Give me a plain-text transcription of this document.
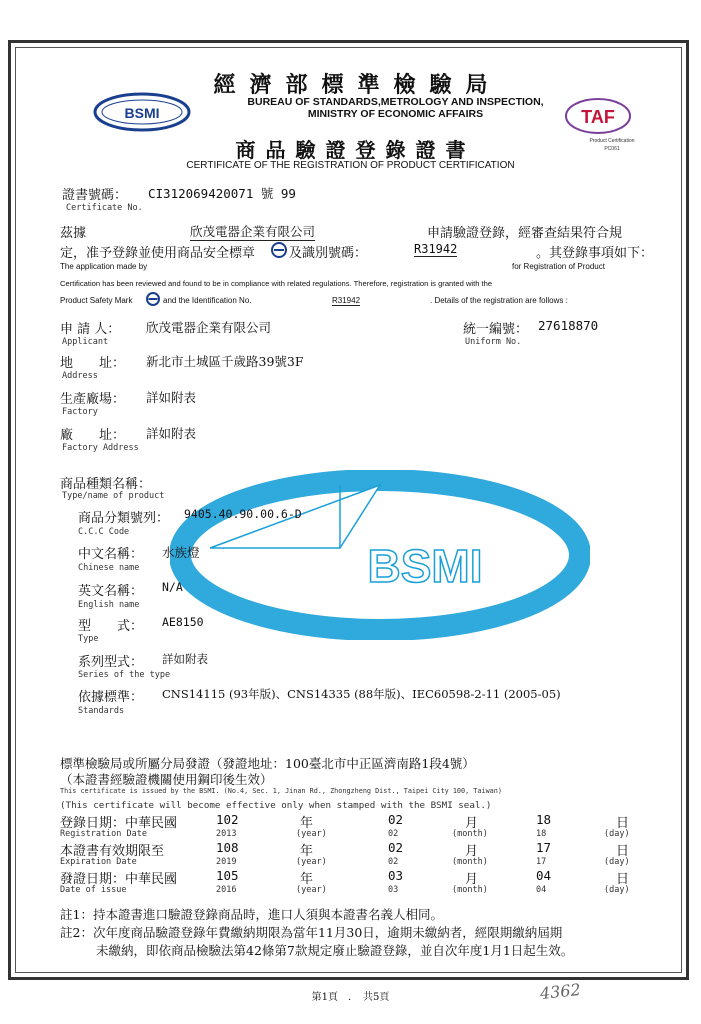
BSMI	TAF
Product Certification
PC061
經濟部標準檢驗局
BUREAU OF STANDARDS,METROLOGY AND INSPECTION,
MINISTRY OF ECONOMIC AFFAIRS
商品驗證登錄證書
CERTIFICATE OF THE REGISTRATION OF PRODUCT CERTIFICATION
證書號碼： CI312069420071 號 99
Certificate No.
茲據	欣茂電器企業有限公司	申請驗證登錄，經審查結果符合規
定，准予登錄並使用商品安全標章	及識別號碼：	R31942	。其登錄事項如下：
The application made by	for Registration of Product
Certification has been reviewed and found to be in compliance with related regulations. Therefore, registration is granted with the
Product Safety Mark	and the Identification No.	R31942	. Details of the registration are follows :
申 請 人： 欣茂電器企業有限公司
Applicant
統一編號： 27618870
Uniform No.
地　　址： 新北市土城區千歲路39號3F
Address
生產廠場： 詳如附表
Factory
廠　　址： 詳如附表
Factory Address
BSMI
商品種類名稱：
Type/name of product
商品分類號列： 9405.40.90.00.6-D
C.C.C Code
中文名稱： 水族燈
Chinese name
英文名稱： N/A
English name
型　　式： AE8150
Type
系列型式： 詳如附表
Series of the type
依據標準： CNS14115 (93年版)、CNS14335 (88年版)、IEC60598-2-11 (2005-05)
Standards
標準檢驗局或所屬分局發證（發證地址：100臺北市中正區濟南路1段4號）
（本證書經驗證機關使用鋼印後生效）
This certificate is issued by the BSMI. (No.4, Sec. 1, Jinan Rd., Zhongzheng Dist., Taipei City 100, Taiwan)
(This certificate will become effective only when stamped with the BSMI seal.)
登錄日期：中華民國	102	年	02	月	18	日
Registration Date	2013	(year)	02	(month)	18	(day)
本證書有效期限至	108	年	02	月	17	日
Expiration Date	2019	(year)	02	(month)	17	(day)
發證日期：中華民國	105	年	03	月	04	日
Date of issue	2016	(year)	03	(month)	04	(day)
註1：持本證書進口驗證登錄商品時，進口人須與本證書名義人相同。
註2：次年度商品驗證登錄年費繳納期限為當年11月30日，逾期未繳納者，經限期繳納屆期
未繳納，即依商品檢驗法第42條第7款規定廢止驗證登錄，並自次年度1月1日起生效。
第1頁　．　共5頁	4362
